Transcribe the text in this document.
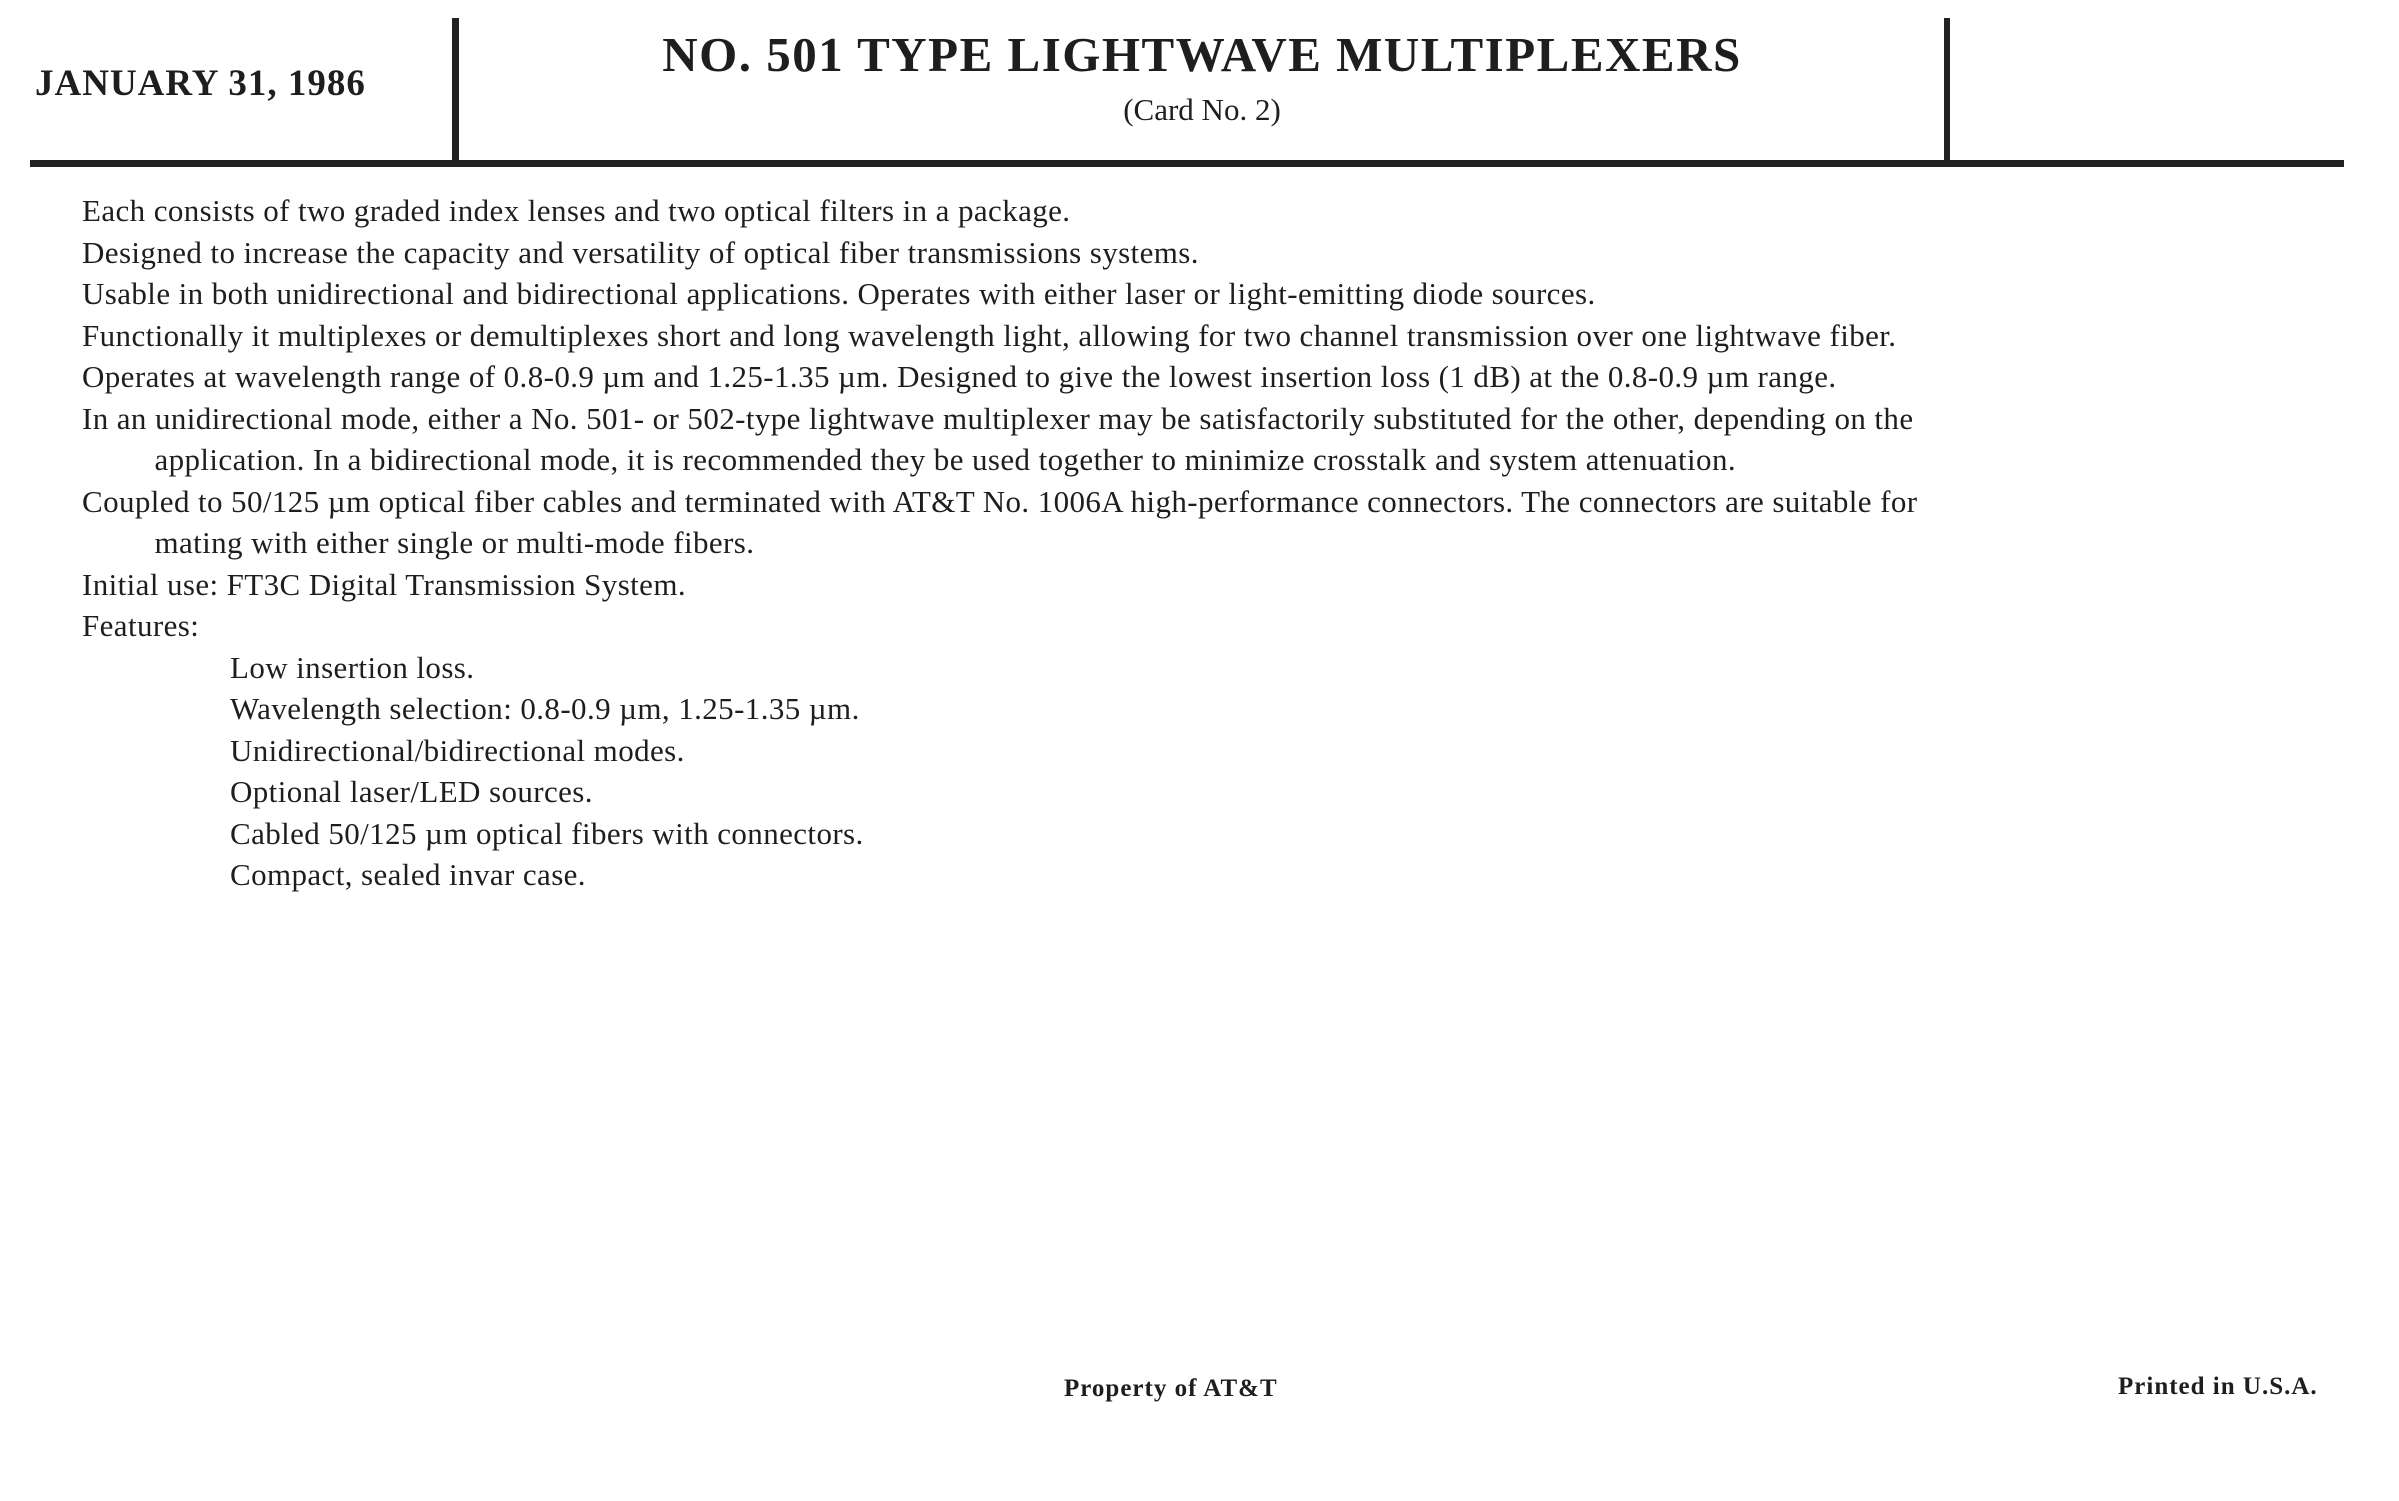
JANUARY 31, 1986
NO. 501 TYPE LIGHTWAVE MULTIPLEXERS
(Card No. 2)

Each consists of two graded index lenses and two optical filters in a package.

Designed to increase the capacity and versatility of optical fiber transmissions systems.

Usable in both unidirectional and bidirectional applications. Operates with either laser or light-emitting diode sources.

Functionally it multiplexes or demultiplexes short and long wavelength light, allowing for two channel transmission over one lightwave fiber.

Operates at wavelength range of 0.8-0.9 µm and 1.25-1.35 µm. Designed to give the lowest insertion loss (1 dB) at the 0.8-0.9 µm range.

In an unidirectional mode, either a No. 501- or 502-type lightwave multiplexer may be satisfactorily substituted for the other, depending on the
application. In a bidirectional mode, it is recommended they be used together to minimize crosstalk and system attenuation.

Coupled to 50/125 µm optical fiber cables and terminated with AT&T No. 1006A high-performance connectors. The connectors are suitable for
mating with either single or multi-mode fibers.

Initial use: FT3C Digital Transmission System.

Features:

Low insertion loss.
Wavelength selection: 0.8-0.9 µm, 1.25-1.35 µm.
Unidirectional/bidirectional modes.
Optional laser/LED sources.
Cabled 50/125 µm optical fibers with connectors.
Compact, sealed invar case.
Property of AT&T	Printed in U.S.A.
